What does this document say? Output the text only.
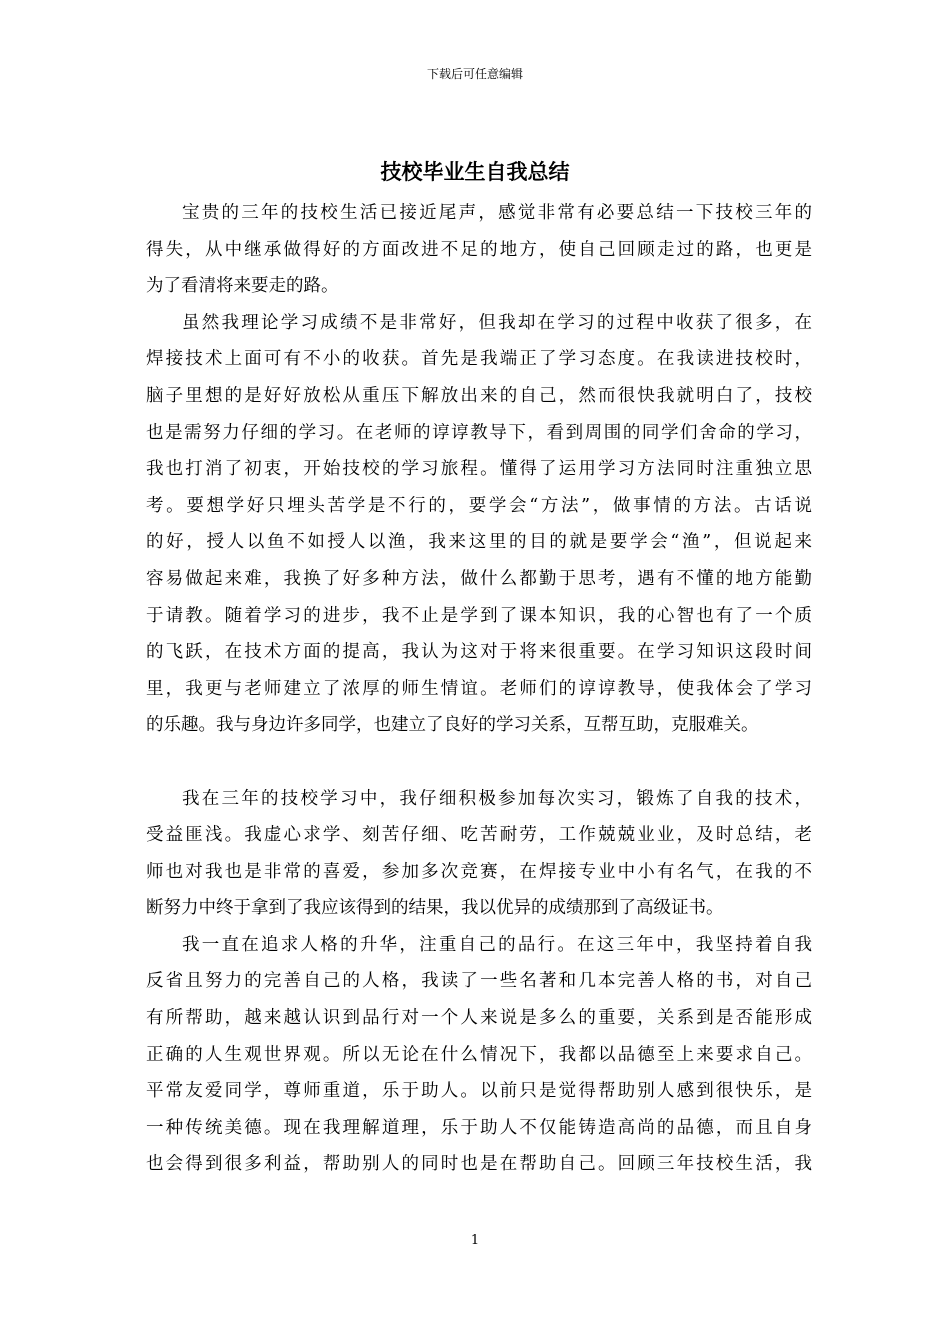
下载后可任意编辑
技校毕业生自我总结
宝贵的三年的技校生活已接近尾声，感觉非常有必要总结一下技校三年的
得失，从中继承做得好的方面改进不足的地方，使自己回顾走过的路，也更是
为了看清将来要走的路。
虽然我理论学习成绩不是非常好，但我却在学习的过程中收获了很多，在
焊接技术上面可有不小的收获。首先是我端正了学习态度。在我读进技校时，
脑子里想的是好好放松从重压下解放出来的自己，然而很快我就明白了，技校
也是需努力仔细的学习。在老师的谆谆教导下，看到周围的同学们舍命的学习，
我也打消了初衷，开始技校的学习旅程。懂得了运用学习方法同时注重独立思
考。要想学好只埋头苦学是不行的，要学会“方法”，做事情的方法。古话说
的好，授人以鱼不如授人以渔，我来这里的目的就是要学会“渔”，但说起来
容易做起来难，我换了好多种方法，做什么都勤于思考，遇有不懂的地方能勤
于请教。随着学习的进步，我不止是学到了课本知识，我的心智也有了一个质
的飞跃，在技术方面的提高，我认为这对于将来很重要。在学习知识这段时间
里，我更与老师建立了浓厚的师生情谊。老师们的谆谆教导，使我体会了学习
的乐趣。我与身边许多同学，也建立了良好的学习关系，互帮互助，克服难关。
我在三年的技校学习中，我仔细积极参加每次实习，锻炼了自我的技术，
受益匪浅。我虚心求学、刻苦仔细、吃苦耐劳，工作兢兢业业，及时总结，老
师也对我也是非常的喜爱，参加多次竞赛，在焊接专业中小有名气，在我的不
断努力中终于拿到了我应该得到的结果，我以优异的成绩那到了高级证书。
我一直在追求人格的升华，注重自己的品行。在这三年中，我坚持着自我
反省且努力的完善自己的人格，我读了一些名著和几本完善人格的书，对自己
有所帮助，越来越认识到品行对一个人来说是多么的重要，关系到是否能形成
正确的人生观世界观。所以无论在什么情况下，我都以品德至上来要求自己。
平常友爱同学，尊师重道，乐于助人。以前只是觉得帮助别人感到很快乐，是
一种传统美德。现在我理解道理，乐于助人不仅能铸造高尚的品德，而且自身
也会得到很多利益，帮助别人的同时也是在帮助自己。回顾三年技校生活，我
1
